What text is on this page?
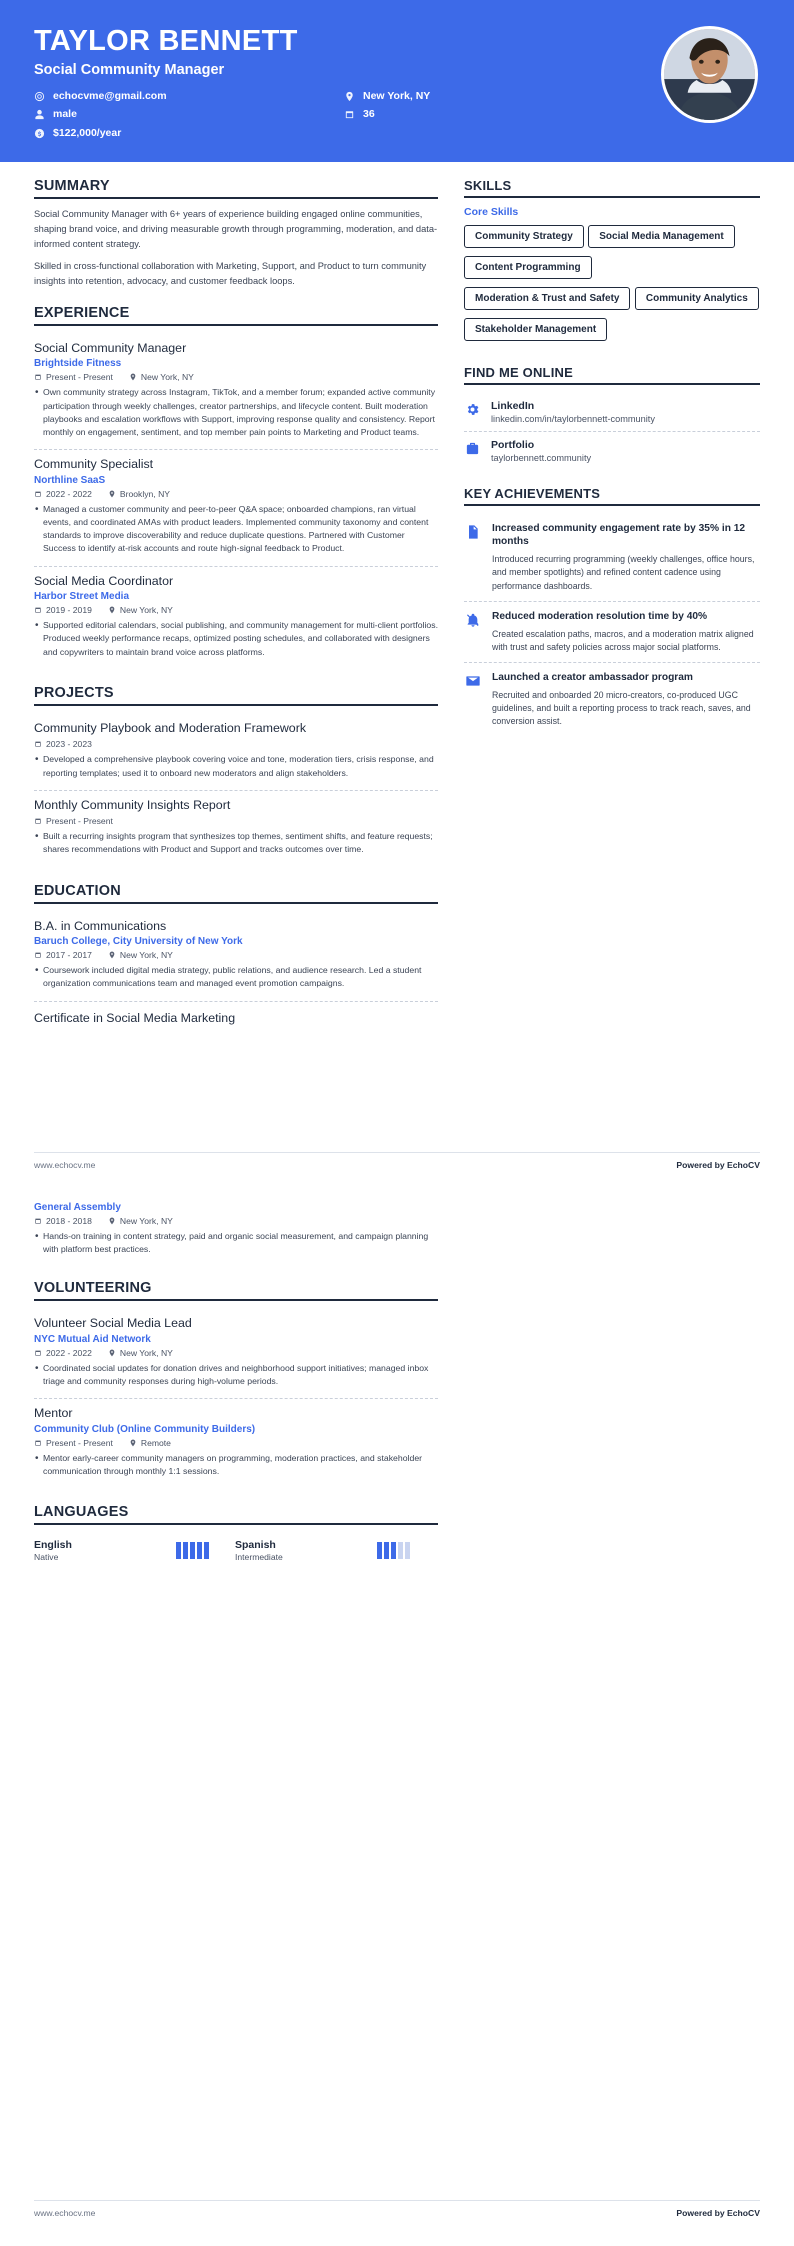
TAYLOR BENNETT
Social Community Manager
echocvme@gmail.com
male
$122,000/year
New York, NY
36
SUMMARY

Social Community Manager with 6+ years of experience building engaged online communities, shaping brand voice, and driving measurable growth through programming, moderation, and data-informed content strategy.

Skilled in cross-functional collaboration with Marketing, Support, and Product to turn community insights into retention, advocacy, and customer feedback loops.

EXPERIENCE
Social Community Manager
Brightside Fitness
Present - Present	New York, NY
• Own community strategy across Instagram, TikTok, and a member forum; expanded active community participation through weekly challenges, creator partnerships, and lifecycle content. Built moderation playbooks and escalation workflows with Support, improving response quality and consistency. Report monthly on engagement, sentiment, and top member pain points to Marketing and Product teams.
Community Specialist
Northline SaaS
2022 - 2022	Brooklyn, NY
• Managed a customer community and peer-to-peer Q&A space; onboarded champions, ran virtual events, and coordinated AMAs with product leaders. Implemented community taxonomy and content standards to improve discoverability and reduce duplicate questions. Partnered with Customer Success to identify at-risk accounts and route high-signal feedback to Product.
Social Media Coordinator
Harbor Street Media
2019 - 2019	New York, NY
• Supported editorial calendars, social publishing, and community management for multi-client portfolios. Produced weekly performance recaps, optimized posting schedules, and collaborated with designers and copywriters to maintain brand voice across platforms.
PROJECTS
Community Playbook and Moderation Framework
2023 - 2023
• Developed a comprehensive playbook covering voice and tone, moderation tiers, crisis response, and reporting templates; used it to onboard new moderators and align stakeholders.
Monthly Community Insights Report
Present - Present
• Built a recurring insights program that synthesizes top themes, sentiment shifts, and feature requests; shares recommendations with Product and Support and tracks outcomes over time.
EDUCATION
B.A. in Communications
Baruch College, City University of New York
2017 - 2017	New York, NY
• Coursework included digital media strategy, public relations, and audience research. Led a student organization communications team and managed event promotion campaigns.
Certificate in Social Media Marketing
SKILLS
Core Skills
Community Strategy	Social Media Management Content Programming Moderation & Trust and Safety	Community Analytics Stakeholder Management
FIND ME ONLINE
LinkedIn
linkedin.com/in/taylorbennett-community
Portfolio
taylorbennett.community
KEY ACHIEVEMENTS
Increased community engagement rate by 35% in 12 months
Introduced recurring programming (weekly challenges, office hours, and member spotlights) and refined content cadence using performance dashboards.
Reduced moderation resolution time by 40%
Created escalation paths, macros, and a moderation matrix aligned with trust and safety policies across major social platforms.
Launched a creator ambassador program
Recruited and onboarded 20 micro-creators, co-produced UGC guidelines, and built a reporting process to track reach, saves, and conversion assist.
www.echocv.me	Powered by EchoCV
General Assembly
2018 - 2018	New York, NY
• Hands-on training in content strategy, paid and organic social measurement, and campaign planning with platform best practices.
VOLUNTEERING
Volunteer Social Media Lead
NYC Mutual Aid Network
2022 - 2022	New York, NY
• Coordinated social updates for donation drives and neighborhood support initiatives; managed inbox triage and community responses during high-volume periods.
Mentor
Community Club (Online Community Builders)
Present - Present	Remote
• Mentor early-career community managers on programming, moderation practices, and stakeholder communication through monthly 1:1 sessions.
LANGUAGES
English
Native
Spanish
Intermediate
www.echocv.me	Powered by EchoCV
